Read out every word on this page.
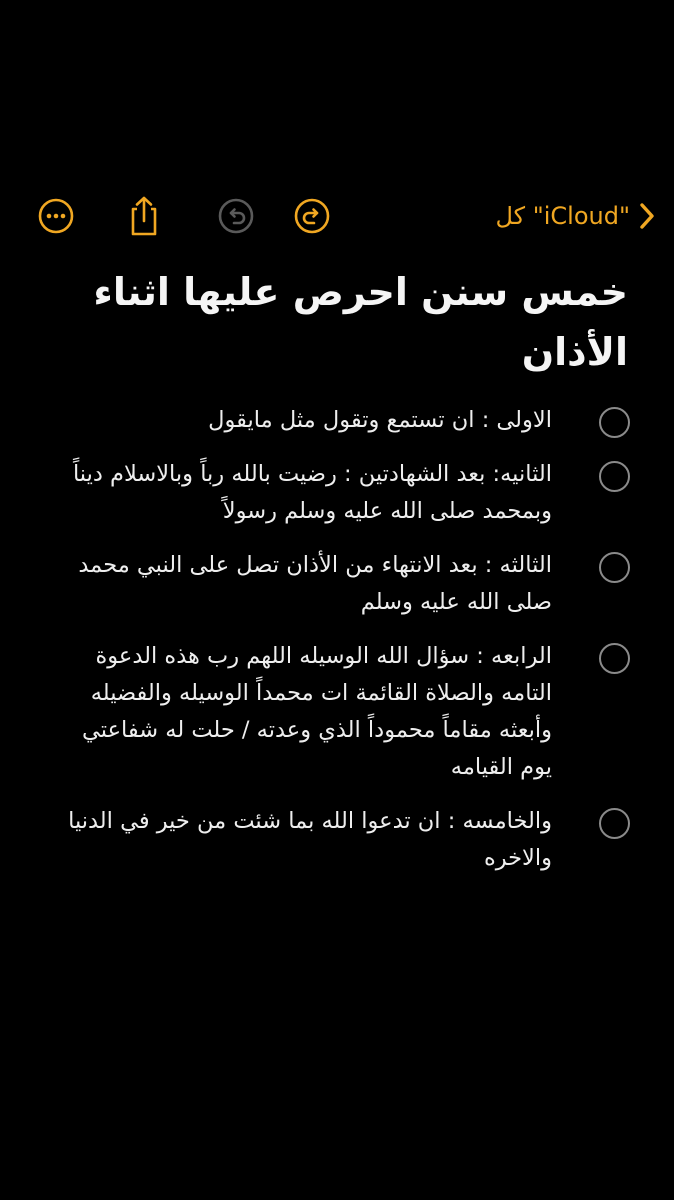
كل "iCloud"
خمس سنن احرص عليها اثناء الأذان
الاولى : ان تستمع وتقول مثل مايقول
الثانيه: بعد الشهادتين : رضيت بالله رباً وبالاسلام ديناً وبمحمد صلى الله عليه وسلم رسولاً
الثالثه : بعد الانتهاء من الأذان تصل على النبي محمد صلى الله عليه وسلم
الرابعه : سؤال الله الوسيله اللهم رب هذه الدعوة التامه والصلاة القائمة ات محمداً الوسيله والفضيله وأبعثه مقاماً محموداً الذي وعدته / حلت له شفاعتي يوم القيامه
والخامسه : ان تدعوا الله بما شئت من خير في الدنيا والاخره
